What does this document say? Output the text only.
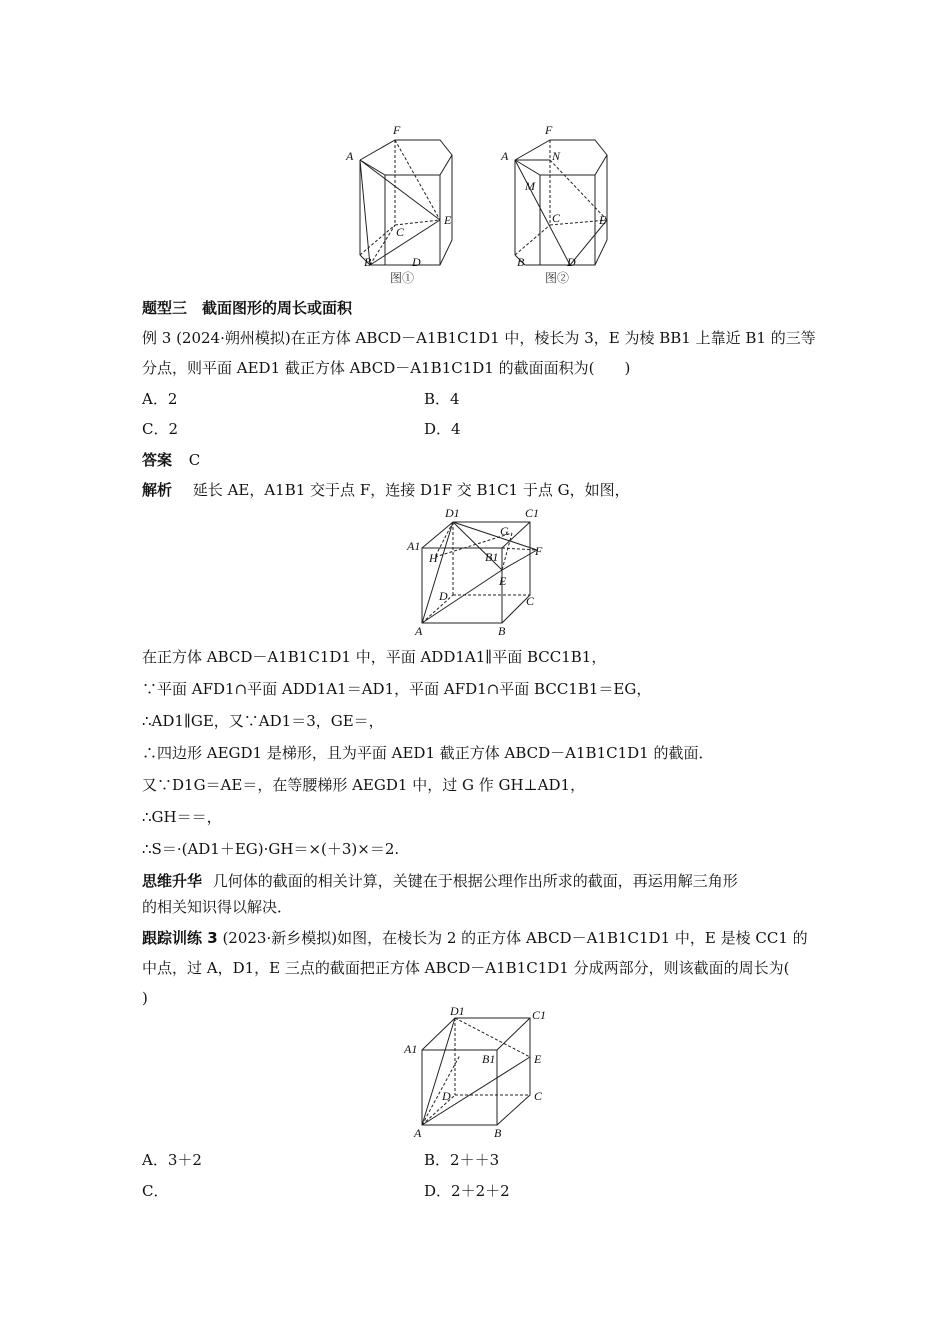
F
A
C
E
B	D
图①
F
A	N
M
C	E
B	D
图②
题型三　截面图形的周长或面积
例 3 (2024·朔州模拟)在正方体 ABCD－A1B1C1D1 中，棱长为 3，E 为棱 BB1 上靠近 B1 的三等
分点，则平面 AED1 截正方体 ABCD－A1B1C1D1 的截面面积为(　　)
A．2	B．4
C．2	D．4
答案 C
解析 延长 AE，A1B1 交于点 F，连接 D1F 交 B1C1 于点 G，如图，
D1	C1
G
A1
H	B1	F
E
D	C
A	B
在正方体 ABCD－A1B1C1D1 中，平面 ADD1A1∥平面 BCC1B1，
∵平面 AFD1∩平面 ADD1A1＝AD1，平面 AFD1∩平面 BCC1B1＝EG，
∴AD1∥GE，又∵AD1＝3，GE＝，
∴四边形 AEGD1 是梯形，且为平面 AED1 截正方体 ABCD－A1B1C1D1 的截面．
又∵D1G＝AE＝，在等腰梯形 AEGD1 中，过 G 作 GH⊥AD1，
∴GH＝＝，
∴S＝·(AD1＋EG)·GH＝×(＋3)×＝2.
思维升华 几何体的截面的相关计算，关键在于根据公理作出所求的截面，再运用解三角形
的相关知识得以解决．
跟踪训练 3 (2023·新乡模拟)如图，在棱长为 2 的正方体 ABCD－A1B1C1D1 中，E 是棱 CC1 的
中点，过 A，D1，E 三点的截面把正方体 ABCD－A1B1C1D1 分成两部分，则该截面的周长为(
)
D1	C1
A1
B1	E
D	C
A	B
A．3＋2	B．2＋＋3
C．	D．2＋2＋2
